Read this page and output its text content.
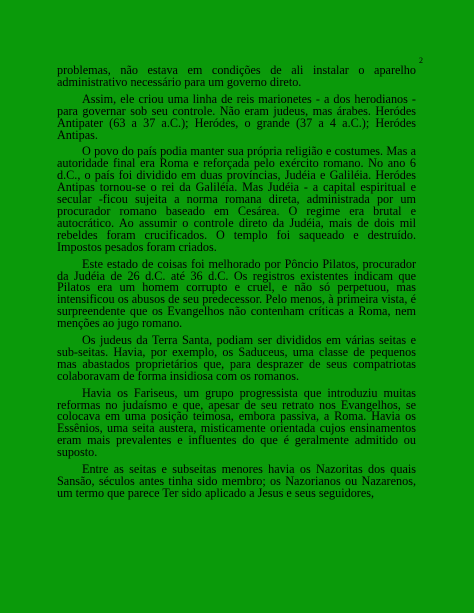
2

problemas, não estava em condições de ali instalar o aparelho administrativo necessário para um governo direto.

Assim, ele criou uma linha de reis marionetes - a dos herodianos - para governar sob seu controle. Não eram judeus, mas árabes. Heródes Antipater (63 a 37 a.C.); Heródes, o grande (37 a 4 a.C.); Heródes Antipas.

O povo do país podia manter sua própria religião e costumes. Mas a autoridade final era Roma e reforçada pelo exército romano. No ano 6 d.C., o país foi dividido em duas províncias, Judéia e Galiléia. Heródes Antipas tornou-se o rei da Galiléia. Mas Judéia - a capital espiritual e secular -ficou sujeita a norma romana direta, administrada por um procurador romano baseado em Cesárea. O regime era brutal e autocrático. Ao assumir o controle direto da Judéia, mais de dois mil rebeldes foram crucificados. O templo foi saqueado e destruído. Impostos pesados foram criados.

Este estado de coisas foi melhorado por Pôncio Pilatos, procurador da Judéia de 26 d.C. até 36 d.C. Os registros existentes indicam que Pilatos era um homem corrupto e cruel, e não só perpetuou, mas intensificou os abusos de seu predecessor. Pelo menos, à primeira vista, é surpreendente que os Evangelhos não contenham críticas a Roma, nem menções ao jugo romano.

Os judeus da Terra Santa, podiam ser divididos em várias seitas e sub-seitas. Havia, por exemplo, os Saduceus, uma classe de pequenos mas abastados proprietários que, para desprazer de seus compatriotas colaboravam de forma insidiosa com os romanos.

Havia os Fariseus, um grupo progressista que introduziu muitas reformas no judaísmo e que, apesar de seu retrato nos Evangelhos, se colocava em uma posição teimosa, embora passiva, a Roma. Havia os Essênios, uma seita austera, misticamente orientada cujos ensinamentos eram mais prevalentes e influentes do que é geralmente admitido ou suposto.

Entre as seitas e subseitas menores havia os Nazoritas dos quais Sansão, séculos antes tinha sido membro; os Nazorianos ou Nazarenos, um termo que parece Ter sido aplicado a Jesus e seus seguidores,
